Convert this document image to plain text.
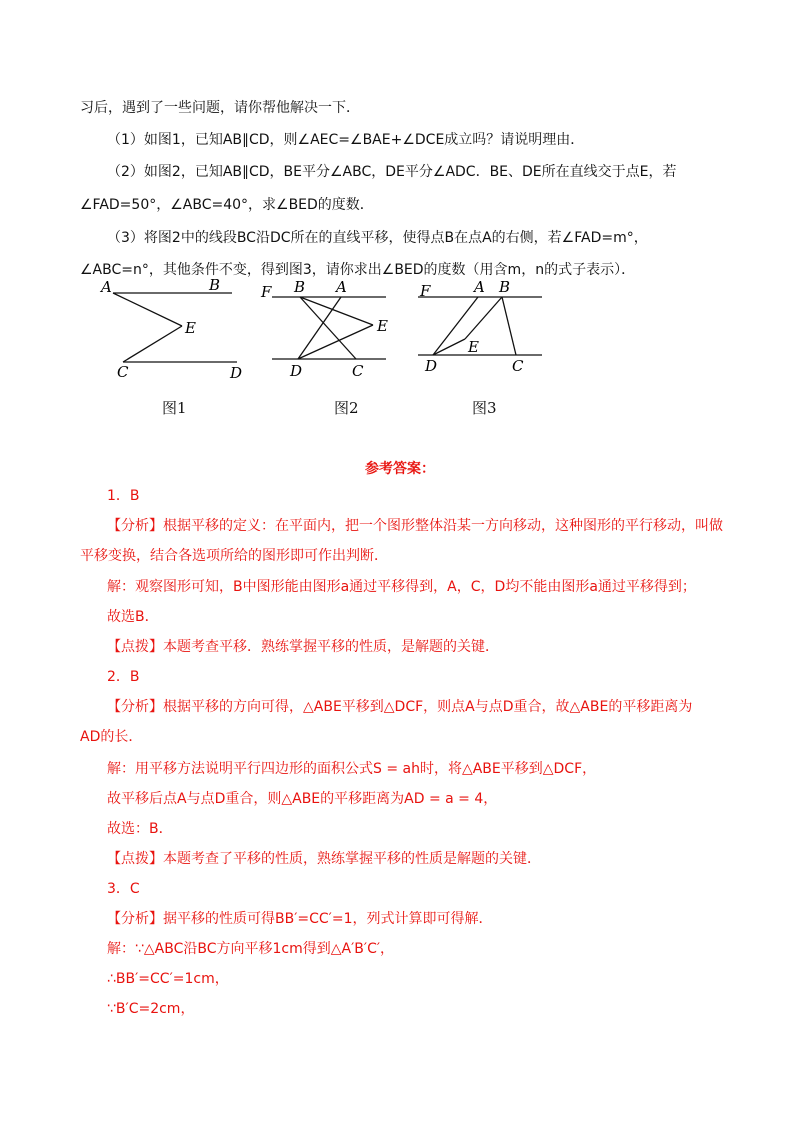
习后，遇到了一些问题，请你帮他解决一下．
（1）如图1，已知AB∥CD，则∠AEC=∠BAE+∠DCE成立吗？请说明理由．
（2）如图2，已知AB∥CD，BE平分∠ABC，DE平分∠ADC．BE、DE所在直线交于点E，若
∠FAD=50°，∠ABC=40°，求∠BED的度数．
（3）将图2中的线段BC沿DC所在的直线平移，使得点B在点A的右侧，若∠FAD=m°，
∠ABC=n°，其他条件不变，得到图3，请你求出∠BED的度数（用含m，n的式子表示）．
A	B
E
C	D
F B A
E
D	C
F	A B
E
D	C
图1	图2	图3
参考答案：
1．B
【分析】根据平移的定义：在平面内，把一个图形整体沿某一方向移动，这种图形的平行移动，叫做
平移变换，结合各选项所给的图形即可作出判断．
解：观察图形可知，B中图形能由图形a通过平移得到，A，C，D均不能由图形a通过平移得到；
故选B．
【点拨】本题考查平移．熟练掌握平移的性质，是解题的关键．
2．B
【分析】根据平移的方向可得，△ABE平移到△DCF，则点A与点D重合，故△ABE的平移距离为
AD的长．
解：用平移方法说明平行四边形的面积公式S = ah时，将△ABE平移到△DCF，
故平移后点A与点D重合，则△ABE的平移距离为AD = a = 4，
故选：B．
【点拨】本题考查了平移的性质，熟练掌握平移的性质是解题的关键．
3．C
【分析】据平移的性质可得BB′=CC′=1，列式计算即可得解．
解：∵△ABC沿BC方向平移1cm得到△A′B′C′，
∴BB′=CC′=1cm，
∵B′C=2cm，
